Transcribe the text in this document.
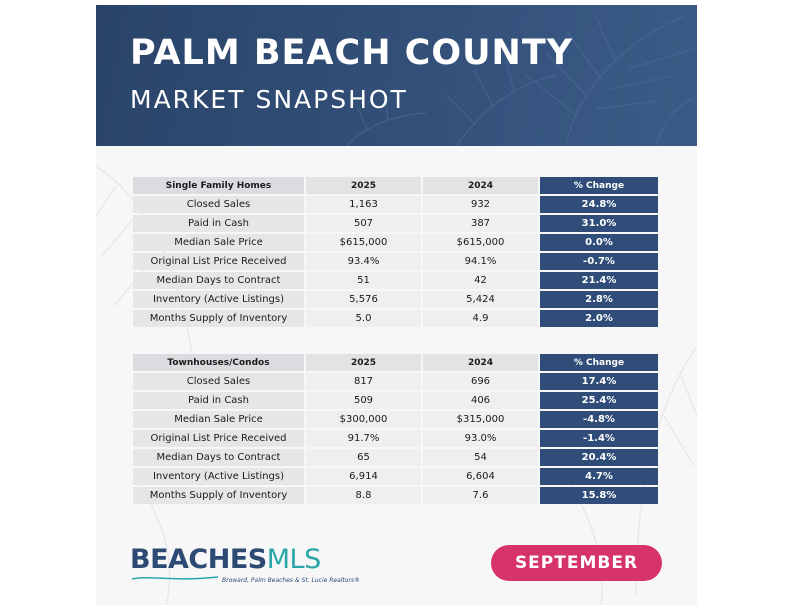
PALM BEACH COUNTY
MARKET SNAPSHOT
Single Family Homes	2025	2024	% Change
Closed Sales	1,163	932	24.8%
Paid in Cash	507	387	31.0%
Median Sale Price	$615,000	$615,000	0.0%
Original List Price Received	93.4%	94.1%	-0.7%
Median Days to Contract	51	42	21.4%
Inventory (Active Listings)	5,576	5,424	2.8%
Months Supply of Inventory	5.0	4.9	2.0%
Townhouses/Condos	2025	2024	% Change
Closed Sales	817	696	17.4%
Paid in Cash	509	406	25.4%
Median Sale Price	$300,000	$315,000	-4.8%
Original List Price Received	91.7%	93.0%	-1.4%
Median Days to Contract	65	54	20.4%
Inventory (Active Listings)	6,914	6,604	4.7%
Months Supply of Inventory	8.8	7.6	15.8%
BEACHESMLS
Broward, Palm Beaches & St. Lucie Realtors®
SEPTEMBER
